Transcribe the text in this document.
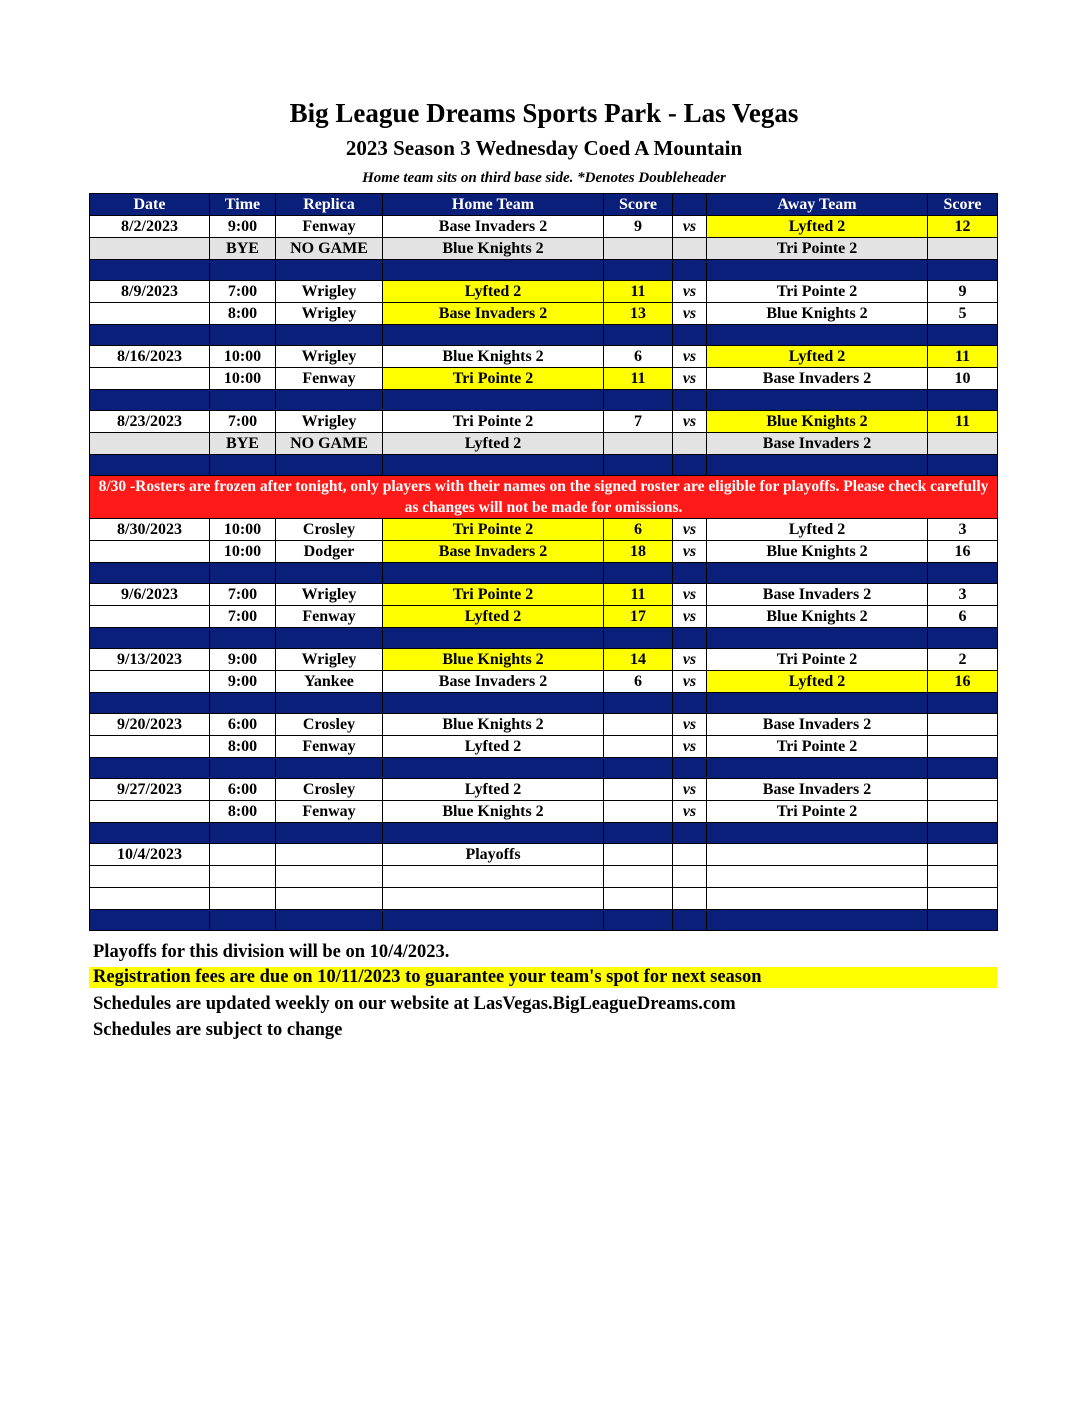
Big League Dreams Sports Park - Las Vegas
2023 Season 3 Wednesday Coed A Mountain
Home team sits on third base side. *Denotes Doubleheader
Date	Time	Replica	Home Team	Score		Away Team	Score
8/2/2023	9:00	Fenway	Base Invaders 2	9	vs	Lyfted 2	12
	BYE	NO GAME	Blue Knights 2			Tri Pointe 2	

8/9/2023	7:00	Wrigley	Lyfted 2	11	vs	Tri Pointe 2	9
	8:00	Wrigley	Base Invaders 2	13	vs	Blue Knights 2	5

8/16/2023	10:00	Wrigley	Blue Knights 2	6	vs	Lyfted 2	11
	10:00	Fenway	Tri Pointe 2	11	vs	Base Invaders 2	10

8/23/2023	7:00	Wrigley	Tri Pointe 2	7	vs	Blue Knights 2	11
	BYE	NO GAME	Lyfted 2			Base Invaders 2	

8/30 -Rosters are frozen after tonight, only players with their names on the signed roster are eligible for playoffs. Please check carefully as changes will not be made for omissions.							
8/30/2023	10:00	Crosley	Tri Pointe 2	6	vs	Lyfted 2	3
	10:00	Dodger	Base Invaders 2	18	vs	Blue Knights 2	16

9/6/2023	7:00	Wrigley	Tri Pointe 2	11	vs	Base Invaders 2	3
	7:00	Fenway	Lyfted 2	17	vs	Blue Knights 2	6

9/13/2023	9:00	Wrigley	Blue Knights 2	14	vs	Tri Pointe 2	2
	9:00	Yankee	Base Invaders 2	6	vs	Lyfted 2	16

9/20/2023	6:00	Crosley	Blue Knights 2		vs	Base Invaders 2	
	8:00	Fenway	Lyfted 2		vs	Tri Pointe 2	

9/27/2023	6:00	Crosley	Lyfted 2		vs	Base Invaders 2	
	8:00	Fenway	Blue Knights 2		vs	Tri Pointe 2	

10/4/2023			Playoffs				

Playoffs for this division will be on 10/4/2023.
Registration fees are due on 10/11/2023 to guarantee your team's spot for next season
Schedules are updated weekly on our website at LasVegas.BigLeagueDreams.com
Schedules are subject to change
